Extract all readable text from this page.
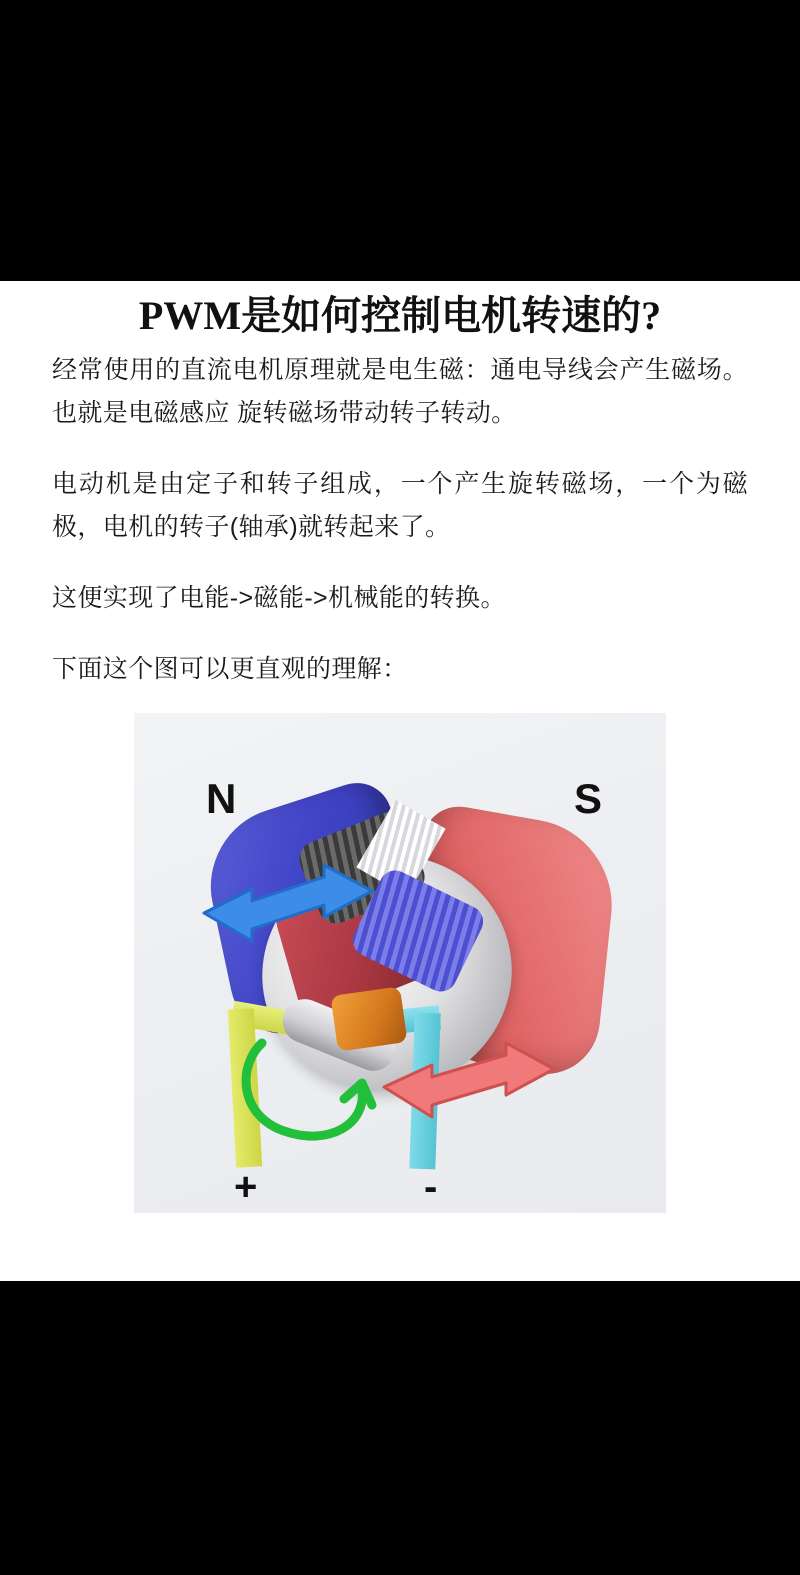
PWM是如何控制电机转速的?

经常使用的直流电机原理就是电生磁：通电导线会产生磁场。也就是电磁感应 旋转磁场带动转子转动。

电动机是由定子和转子组成，一个产生旋转磁场，一个为磁极，电机的转子(轴承)就转起来了。

这便实现了电能->磁能->机械能的转换。

下面这个图可以更直观的理解：

N	S
+	-
